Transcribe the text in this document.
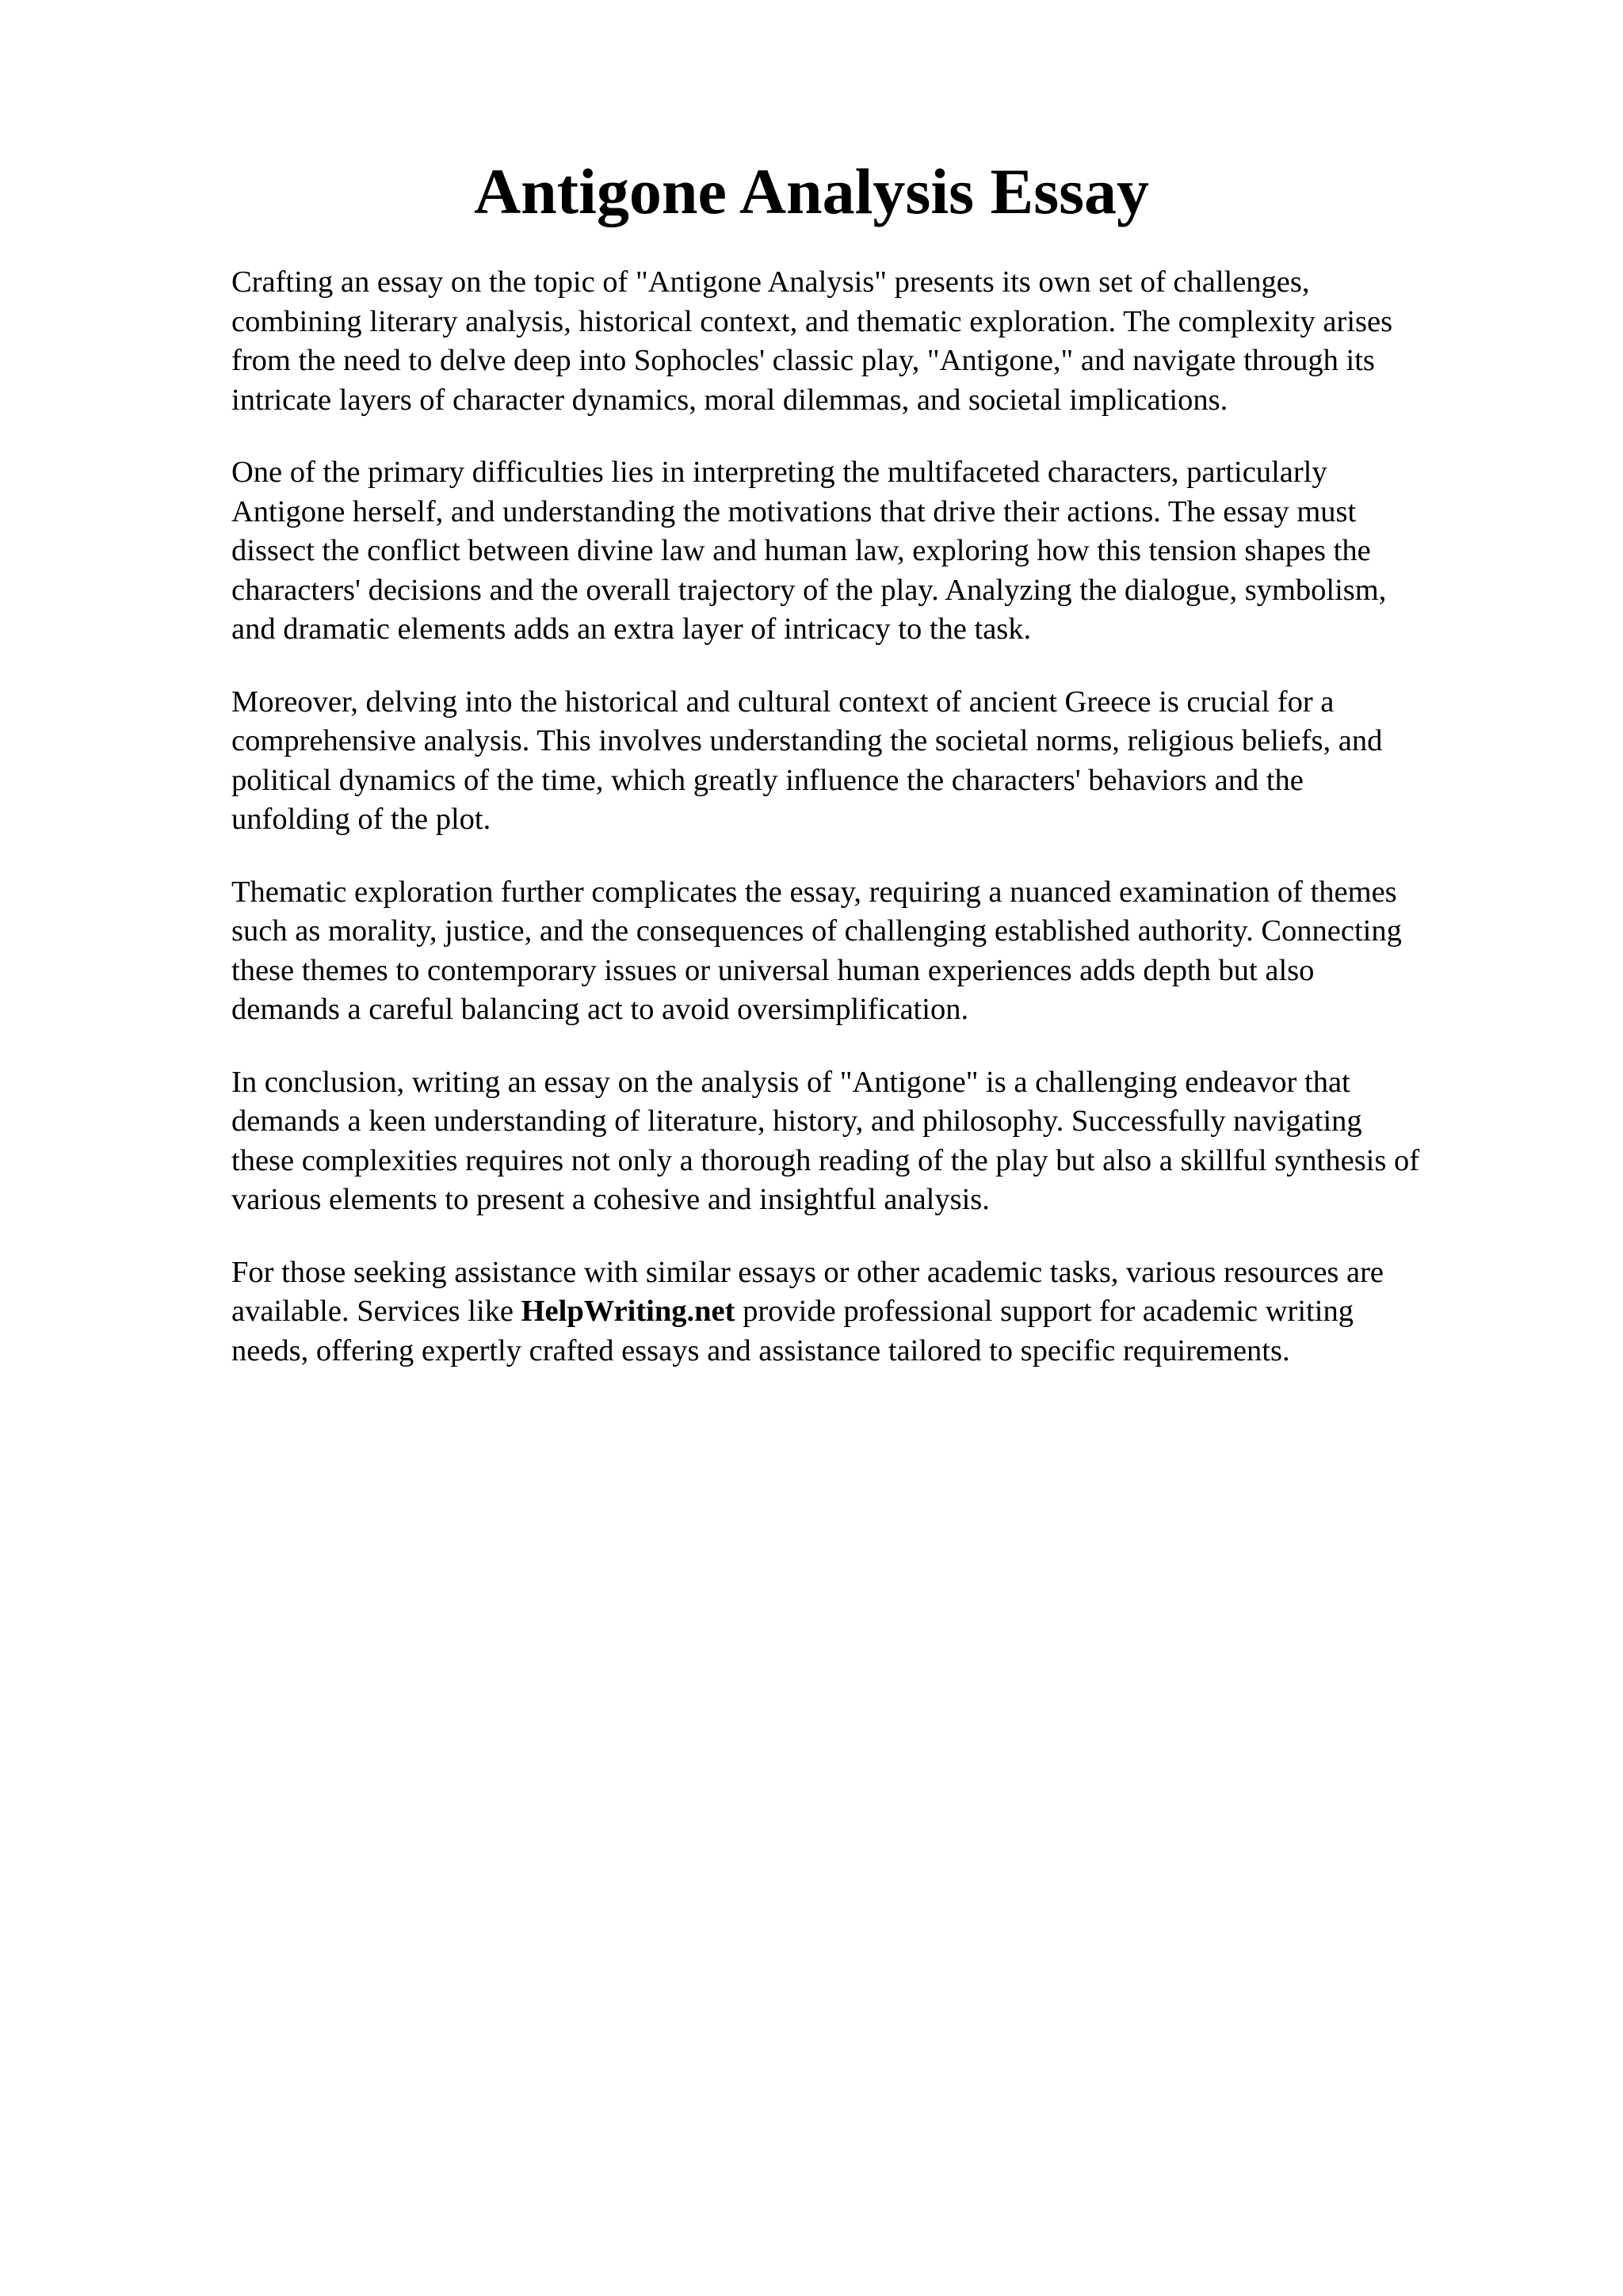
Antigone Analysis Essay

Crafting an essay on the topic of "Antigone Analysis" presents its own set of challenges,
combining literary analysis, historical context, and thematic exploration. The complexity arises
from the need to delve deep into Sophocles' classic play, "Antigone," and navigate through its
intricate layers of character dynamics, moral dilemmas, and societal implications.

One of the primary difficulties lies in interpreting the multifaceted characters, particularly
Antigone herself, and understanding the motivations that drive their actions. The essay must
dissect the conflict between divine law and human law, exploring how this tension shapes the
characters' decisions and the overall trajectory of the play. Analyzing the dialogue, symbolism,
and dramatic elements adds an extra layer of intricacy to the task.

Moreover, delving into the historical and cultural context of ancient Greece is crucial for a
comprehensive analysis. This involves understanding the societal norms, religious beliefs, and
political dynamics of the time, which greatly influence the characters' behaviors and the
unfolding of the plot.

Thematic exploration further complicates the essay, requiring a nuanced examination of themes
such as morality, justice, and the consequences of challenging established authority. Connecting
these themes to contemporary issues or universal human experiences adds depth but also
demands a careful balancing act to avoid oversimplification.

In conclusion, writing an essay on the analysis of "Antigone" is a challenging endeavor that
demands a keen understanding of literature, history, and philosophy. Successfully navigating
these complexities requires not only a thorough reading of the play but also a skillful synthesis of
various elements to present a cohesive and insightful analysis.

For those seeking assistance with similar essays or other academic tasks, various resources are
available. Services like HelpWriting.net provide professional support for academic writing
needs, offering expertly crafted essays and assistance tailored to specific requirements.
